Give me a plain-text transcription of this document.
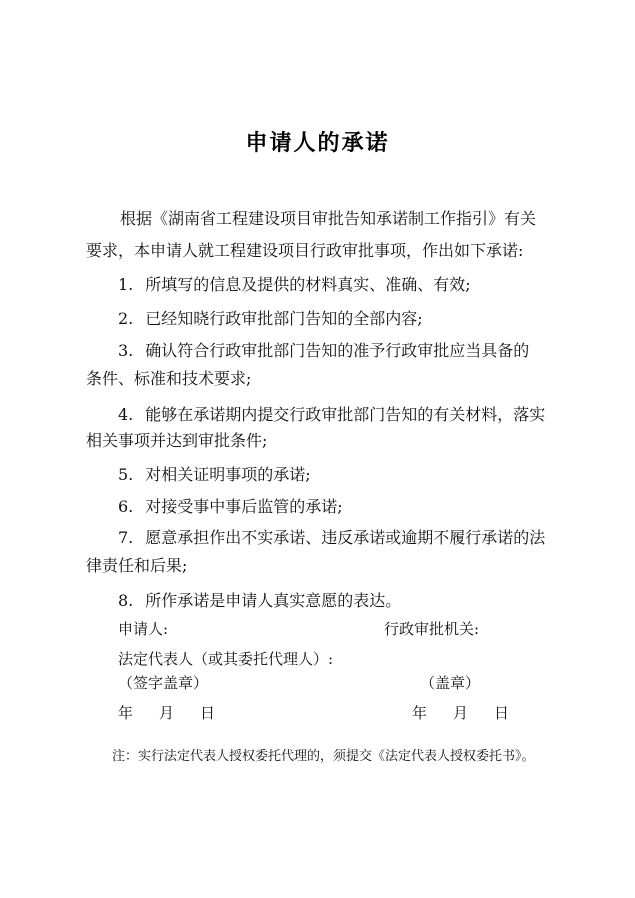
申请人的承诺
根据《湖南省工程建设项目审批告知承诺制工作指引》有关
要求，本申请人就工程建设项目行政审批事项，作出如下承诺:
1. 所填写的信息及提供的材料真实、准确、有效;
2. 已经知晓行政审批部门告知的全部内容;
3. 确认符合行政审批部门告知的准予行政审批应当具备的
条件、标准和技术要求;
4. 能够在承诺期内提交行政审批部门告知的有关材料，落实
相关事项并达到审批条件;
5. 对相关证明事项的承诺;
6. 对接受事中事后监管的承诺;
7. 愿意承担作出不实承诺、违反承诺或逾期不履行承诺的法
律责任和后果;
8. 所作承诺是申请人真实意愿的表达。
申请人:	行政审批机关:
法定代表人（或其委托代理人）:
（签字盖章）	（盖章）
年 月 日	年 月 日
注：实行法定代表人授权委托代理的，须提交《法定代表人授权委托书》。
